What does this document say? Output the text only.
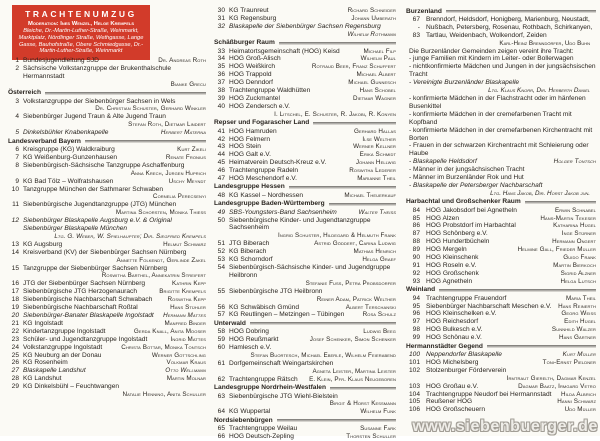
TRACHTENUMZUG
Moderation: Ines Wenzel, Helge Krempels
Bleiche, Dr.-Martin-Luther-Straße, Weinmarkt, Marktplatz, Nördlinger Straße, Wethgasse, Lange Gasse, Bauhofstraße, Obere Schmiedgasse, Dr.-Martin-Luther-Straße, Weinmarkt
1 Bundesjugendleitung SJD	Dr. Andreas Roth
2 Sächsische Volkstanzgruppe der Brukenthalschule Hermannstadt
Bianke Grecu
Österreich
3 Volkstanzgruppe der Siebenbürger Sachsen in Wels
Dr. Christian Schuster, Gerhard Winkler
4 Siebenbürger Jugend Traun & Alte Jugend Traun
Stefan Roth, Dietmar Lindert
5 Dinkelsbühler Knabenkapelle	Herbert Materna
Landesverband Bayern
6 Kreisgruppe (KG) Waldkraiburg	Kurt Zikeli
7 KG Weißenburg-Gunzenhausen	Renate Fronius
8 Siebenbürgisch-Sächsische Tanzgruppe Aschaffenburg
Anna Krech, Jürgen Huprich
9 KG Bad Tölz – Wolfratshausen	Uschy Meyndt
10 Tanzgruppe München der Sathmarer Schwaben
Cornelia Perecsenyi
11 Siebenbürgische Jugendtanzgruppe (JTG) München
Martina Schorsten, Monika Thiess
12 Siebenbürger Blaskapelle Augsburg e.V. & Original Siebenbürger Blaskapelle München
Ltg. G. Weber, W. Spielhaupter; Dir. Siegfried Krempels
13 KG Augsburg	Helmut Schwarz
14 Kreisverband (KV) der Siebenbürger Sachsen Nürnberg
Annette Folkendt, Gerlinde Zakel
15 Tanzgruppe der Siebenbürger Sachsen Nürnberg
Roswitha Barthel, Annekatrin Streifert
16 JTG der Siebenbürger Sachsen Nürnberg	Kathrin Kepp
17 Siebenbürgische JTG Herzogenaurach	Brigitte Krempels
18 Siebenbürgische Nachbarschaft Schwabach	Roswitha Kepp
19 Siebenbürgische Nachbarschaft Roßtal	Hans Stühler
20 Siebenbürger-Banater Blaskapelle Ingolstadt	Hermann Mattes
21 KG Ingolstadt	Manfred Binder
22 Kindertanzgruppe Ingolstadt	Gerda Knall, Anita Mooser
23 Schüler- und Jugendtanzgruppe Ingolstadt	Ingrid Mattes
24 Volkstanzgruppe Ingolstadt	Christa Bottar, Monika Tontsch
25 KG Neuburg an der Donau	Werner Gottschling
26 KG Rosenheim	Volkmar Kraus
27 Blaskapelle Landshut	Otto Wellmann
28 KG Landshut	Martin Molnar
29 KG Dinkelsbühl – Feuchtwangen
Natalie Henning, Anita Schuller
30 KG Traunreut	Richard Schneider
31 KG Regensburg	Johann Umberath
32 Blaskapelle der Siebenbürger Sachsen Regensburg
Wilhelm Rothmann
Schäßburger Raum
33 Heimatortsgemeinschaft (HOG) Keisd	Michael Filp
34 HOG Groß-Alisch	Wilhelm Paul
35 HOG Weißkirch	Rotraud Beer, Franz Schuffert
36 HOG Trappold	Michael Albert
37 HOG Denndorf	Michael Gunnesch
38 Trachtengruppe Waldhütten	Hans Schobel
39 HOG Zuckmantel	Dietmar Wagner
40 HOG Zendersch e.V.
I. Litschel, E. Schuster, R. Jakobi, R. Konyen
Repser und Fogarascher Land
41 HOG Hamruden	Gerhard Hallas
42 HOG Felmern	Ilse Welther
43 HOG Stein	Werner Kellner
44 HOG Galt e.V.	Erika Schmidt
45 Heimatverein Deutsch-Kreuz e.V.	Johann Hellwig
46 Trachtengruppe Radeln	Roswitha Lederer
47 HOG Meschendorf e.V.	Marianne Theil
Landesgruppe Hessen
48 KG Kassel – Nordhessen	Michael Theuerkauf
Landesgruppe Baden-Württemberg
49 SBS-Youngsters-Band Sachsenheim	Walter Theiss
50 Siebenbürgische Kinder- und Jugendtanzgruppe Sachsenheim
Ingrid Schuster, Hildegard & Helmuth Frank
51 JTG Biberach	Astrid Göddert, Carina Ludwig
52 KG Biberach	Mathias Henrich
53 KG Schorndorf	Helga Graef
54 Siebenbürgisch-Sächsische Kinder- und Jugendgruppe Heilbronn
Stefanie Fuss, Petra Probsdorfer
55 Siebenbürgische JTG Heilbronn
Reiner Adam, Patrick Welther
56 KG Schwäbisch Gmünd	Albert Terschanski
57 KG Reutlingen – Metzingen – Tübingen	Rosa Schulz
Unterwald
58 HOG Dobring	Ludwig Beeg
59 HOG Reußmarkt	Josef Schenker, Simon Schenker
60 Hamlesch e.V.
Stefan Buortesch, Michael Eberle, Wilhelm Feierabend
61 Dorfgemeinschaft Weingartskirchen
Agneta Leister, Martina Leister
62 Trachtengruppe Rätsch	E. Klein, Pfr. Klaus Neugeboren
Landesgruppe Nordrhein-Westfalen
63 Siebenbürgische JTG Wiehl-Bielstein
Birgit & Horst Kessmann
64 KG Wuppertal	Wilhelm Funk
Nordsiebenbürgen
65 Trachtengruppe Weilau	Susanne Fark
66 HOG Deutsch-Zepling	Thorsten Schuller
Burzenland
67 Brenndorf, Heldsdorf, Honigberg, Marienburg, Neustadt,
- Nußbach, Petersberg, Rosenau, Rothbach, Schirkanyen,
83 Tartlau, Weidenbach, Wolkendorf, Zeiden
Karl-Heinz Brenndörfer, Udo Buhn
Die Burzenländer Gemeinden zeigen vereint ihre Tracht:
- junge Familien mit Kindern im Leiter- oder Bollerwagen
- nichtkonfirmierte Mädchen und Jungen in der jungsächsischen Tracht
- Vereinigte Burzenländer Blaskapelle
Ltg. Klaus Knorr, Dir. Herberth Daniel
- konfirmierte Mädchen in der Flachstracht oder im hänfenen Busenkittel
- konfirmierte Mädchen in der cremefarbenen Tracht mit Kopfband
- konfirmierte Mädchen in der cremefarbenen Kirchentracht mit Borten
- Frauen in der schwarzen Kirchentracht mit Schleierung oder Haube
- Blaskapelle Heldsdorf	Holger Tontsch
- Männer in der jungsächsischen Tracht
- Männer im Burzenländer Rok und Hut
- Blaskapelle der Petersberger Nachbarschaft
Ltg. Hans Jakob, Dir. Horst Jakob jun.
Harbachtal und Großschenker Raum
84 HOG Jakobsdorf bei Agnetheln	Erwin Schnabel
85 HOG Alzen	Hans-Martin Tekeser
86 HOG Probstdorf im Harbachtal	Katharina Hügel
87 HOG Schönberg e.V.	Inge Stürner
88 HOG Hundertbücheln	Hermann Ongert
89 HOG Mergeln	Helmine Gall, Frieder Müller
90 HOG Kleinschenk	Guido Frank
91 HOG Roseln e.V.	Martin Bierkoch
92 HOG Großschenk	Sigrid Alzner
93 HOG Agnetheln	Helga Lutsch
Weinland
94 Trachtengruppe Frauendorf	Maria Theil
95 Siebenbürger Nachbarschaft Meschen e.V.	Hans Reinerth
96 HOG Kleinschelken e.V.	Georg Weiss
97 HOG Reichesdorf	Edith Hügel
98 HOG Bulkesch e.V.	Sunnhild Walzer
99 HOG Schönau e.V.	Hans Gärtner
Hermannstädter Gegend
100 Neppendorfer Blaskapelle	Kurt Müller
101 HOG Michelsberg	Toni-Ernst Pieldner
102 Stolzenburger Förderverein
Irmtraut Gierelth, Dagmar Kenzel
103 HOG Großau e.V.	Dagmar Baatz, Irmgard Vetro
104 Trachtengruppe Neudorf bei Hermannstadt	Hilda Albrich
105 Reußener HOG	Hanni Schwarz
106 HOG Großscheuern	Udo Müller
www.siebenbuerger.de
